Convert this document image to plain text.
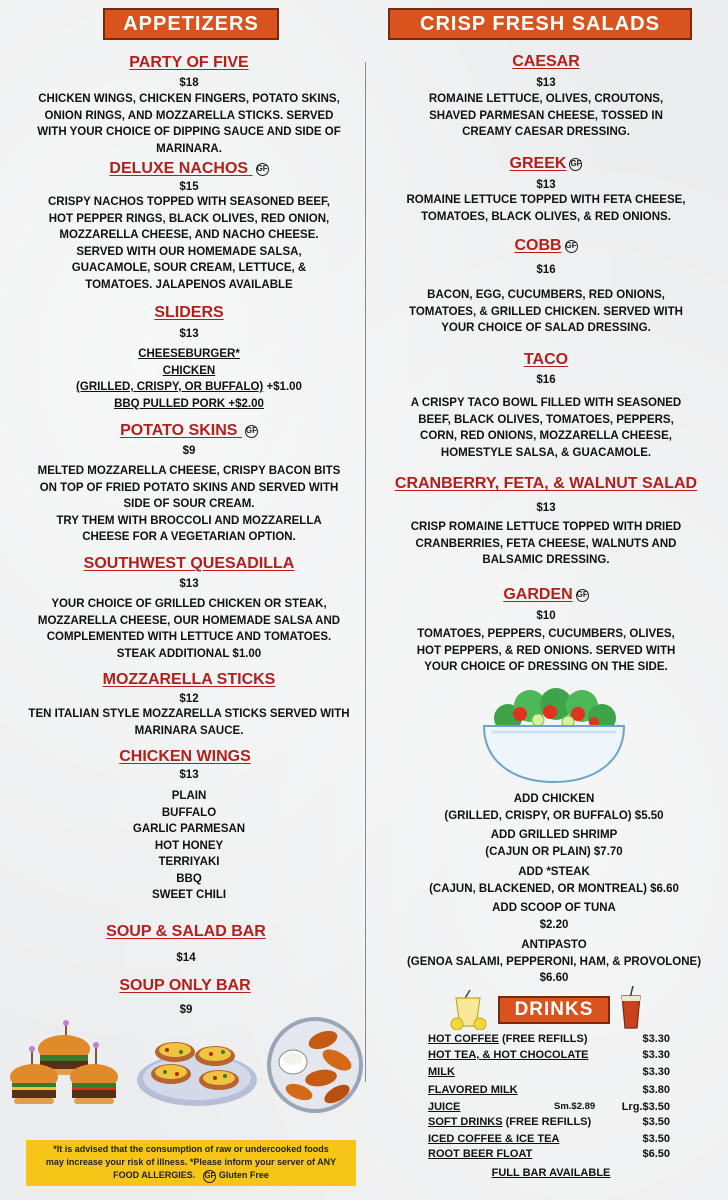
APPETIZERS
PARTY OF FIVE
$18
CHICKEN WINGS, CHICKEN FINGERS, POTATO SKINS,
ONION RINGS, AND MOZZARELLA STICKS. SERVED
WITH YOUR CHOICE OF DIPPING SAUCE AND SIDE OF
MARINARA.
DELUXE NACHOS GF
$15
CRISPY NACHOS TOPPED WITH SEASONED BEEF,
HOT PEPPER RINGS, BLACK OLIVES, RED ONION,
MOZZARELLA CHEESE, AND NACHO CHEESE.
SERVED WITH OUR HOMEMADE SALSA,
GUACAMOLE, SOUR CREAM, LETTUCE, &
TOMATOES. JALAPENOS AVAILABLE
SLIDERS
$13
CHEESEBURGER*
CHICKEN
(GRILLED, CRISPY, OR BUFFALO) +$1.00
BBQ PULLED PORK +$2.00
POTATO SKINS GF
$9
MELTED MOZZARELLA CHEESE, CRISPY BACON BITS
ON TOP OF FRIED POTATO SKINS AND SERVED WITH
SIDE OF SOUR CREAM.
TRY THEM WITH BROCCOLI AND MOZZARELLA
CHEESE FOR A VEGETARIAN OPTION.
SOUTHWEST QUESADILLA
$13
YOUR CHOICE OF GRILLED CHICKEN OR STEAK,
MOZZARELLA CHEESE, OUR HOMEMADE SALSA AND
COMPLEMENTED WITH LETTUCE AND TOMATOES.
STEAK ADDITIONAL $1.00
MOZZARELLA STICKS
$12
TEN ITALIAN STYLE MOZZARELLA STICKS SERVED WITH
MARINARA SAUCE.
CHICKEN WINGS
$13
PLAIN
BUFFALO
GARLIC PARMESAN
HOT HONEY
TERRIYAKI
BBQ
SWEET CHILI
SOUP & SALAD BAR
$14
SOUP ONLY BAR
$9
*It is advised that the consumption of raw or undercooked foods
may increase your risk of illness. *Please inform your server of ANY
FOOD ALLERGIES. GF Gluten Free
CRISP FRESH SALADS
CAESAR
$13
ROMAINE LETTUCE, OLIVES, CROUTONS,
SHAVED PARMESAN CHEESE, TOSSED IN
CREAMY CAESAR DRESSING.
GREEK GF
$13
ROMAINE LETTUCE TOPPED WITH FETA CHEESE,
TOMATOES, BLACK OLIVES, & RED ONIONS.
COBB GF
$16
BACON, EGG, CUCUMBERS, RED ONIONS,
TOMATOES, & GRILLED CHICKEN. SERVED WITH
YOUR CHOICE OF SALAD DRESSING.
TACO
$16
A CRISPY TACO BOWL FILLED WITH SEASONED
BEEF, BLACK OLIVES, TOMATOES, PEPPERS,
CORN, RED ONIONS, MOZZARELLA CHEESE,
HOMESTYLE SALSA, & GUACAMOLE.
CRANBERRY, FETA, & WALNUT SALAD
$13
CRISP ROMAINE LETTUCE TOPPED WITH DRIED
CRANBERRIES, FETA CHEESE, WALNUTS AND
BALSAMIC DRESSING.
GARDEN GF
$10
TOMATOES, PEPPERS, CUCUMBERS, OLIVES,
HOT PEPPERS, & RED ONIONS. SERVED WITH
YOUR CHOICE OF DRESSING ON THE SIDE.
ADD CHICKEN
(GRILLED, CRISPY, OR BUFFALO) $5.50
ADD GRILLED SHRIMP
(CAJUN OR PLAIN) $7.70
ADD *STEAK
(CAJUN, BLACKENED, OR MONTREAL) $6.60
ADD SCOOP OF TUNA
$2.20
ANTIPASTO
(GENOA SALAMI, PEPPERONI, HAM, & PROVOLONE)
$6.60
DRINKS
HOT COFFEE (FREE REFILLS)	$3.30
HOT TEA, & HOT CHOCOLATE	$3.30
MILK	$3.30
FLAVORED MILK	$3.80
JUICE	Sm.$2.89 Lrg.$3.50
SOFT DRINKS (FREE REFILLS)	$3.50
ICED COFFEE & ICE TEA	$3.50
ROOT BEER FLOAT	$6.50
FULL BAR AVAILABLE
